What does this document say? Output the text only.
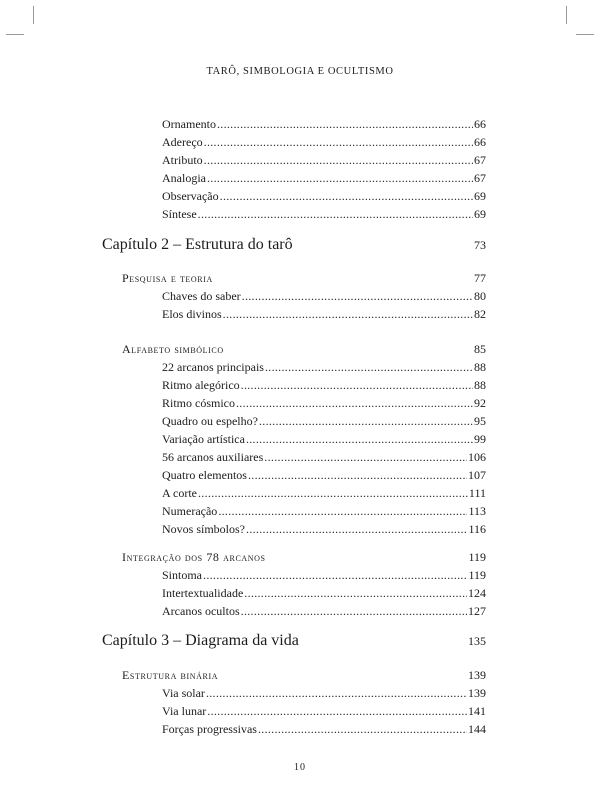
TARÔ, SIMBOLOGIA E OCULTISMO
Ornamento .....	66
Adereço .....	66
Atributo .....	67
Analogia .....	67
Observação .....	69
Síntese .....	69
Capítulo 2 – Estrutura do tarô	73
Pesquisa e teoria	77
Chaves do saber .....	80
Elos divinos .....	82
Alfabeto simbólico	85
22 arcanos principais .....	88
Ritmo alegórico .....	88
Ritmo cósmico .....	92
Quadro ou espelho? .....	95
Variação artística .....	99
56 arcanos auxiliares .....	106
Quatro elementos .....	107
A corte .....	111
Numeração .....	113
Novos símbolos? .....	116
Integração dos 78 arcanos	119
Sintoma .....	119
Intertextualidade .....	124
Arcanos ocultos .....	127
Capítulo 3 – Diagrama da vida	135
Estrutura binária	139
Via solar .....	139
Via lunar .....	141
Forças progressivas .....	144
10
